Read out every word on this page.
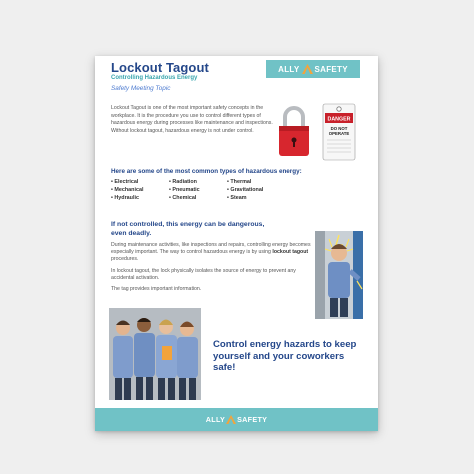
Lockout Tagout
Controlling Hazardous Energy
Safety Meeting Topic
ALLY SAFETY
Lockout Tagout is one of the most important safety concepts in the workplace. It is the procedure you use to control different types of hazardous energy during processes like maintenance and inspections. Without lockout tagout, hazardous energy is not under control.
DANGER
DO NOT
OPERATE
Here are some of the most common types of hazardous energy:
• Electrical	• Radiation	• Thermal
• Mechanical	• Pneumatic	• Gravitational
• Hydraulic	• Chemical	• Steam
If not controlled, this energy can be dangerous, even deadly.

During maintenance activities, like inspections and repairs, controlling energy becomes especially important. The way to control hazardous energy is by using lockout tagout procedures.

In lockout tagout, the lock physically isolates the source of energy to prevent any accidental activation.

The tag provides important information.

Control energy hazards to keep yourself and your coworkers safe!
ALLY SAFETY
